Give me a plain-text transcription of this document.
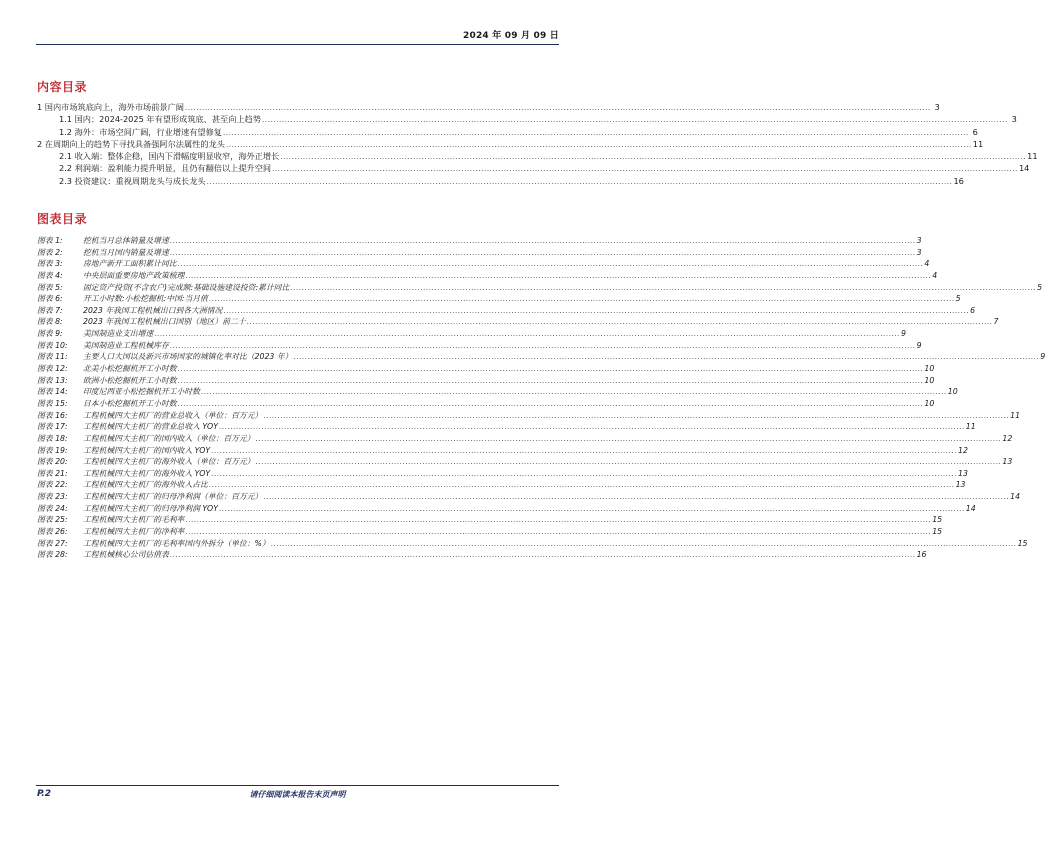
2024 年 09 月 09 日
内容目录
1 国内市场筑底向上，海外市场前景广阔 .....	3
1.1 国内：2024-2025 年有望形成筑底、甚至向上趋势 .....	3
1.2 海外：市场空间广阔，行业增速有望修复 .....	6
2 在周期向上的趋势下寻找具备强阿尔法属性的龙头 .....	11
2.1 收入端：整体企稳，国内下滑幅度明显收窄，海外正增长 .....	11
2.2 利润端：盈利能力提升明显，且仍有翻倍以上提升空间 .....	14
2.3 投资建议：重视周期龙头与成长龙头 .....	16
图表目录
图表 1:	挖机当月总体销量及增速 .....	3
图表 2:	挖机当月国内销量及增速 .....	3
图表 3:	房地产新开工面积累计同比 .....	4
图表 4:	中央层面重要房地产政策梳理 .....	4
图表 5:	固定资产投资(不含农户)完成额:基础设施建设投资:累计同比 .....	5
图表 6:	开工小时数:小松挖掘机:中国:当月值 .....	5
图表 7:	2023 年我国工程机械出口到各大洲情况 .....	6
图表 8:	2023 年我国工程机械出口国别（地区）前二十 .....	7
图表 9:	美国制造业支出增速 .....	9
图表 10:	美国制造业工程机械库存 .....	9
图表 11:	主要人口大国以及新兴市场国家的城镇化率对比（2023 年） .....	9
图表 12:	北美小松挖掘机开工小时数 .....	10
图表 13:	欧洲小松挖掘机开工小时数 .....	10
图表 14:	印度尼西亚小松挖掘机开工小时数 .....	10
图表 15:	日本小松挖掘机开工小时数 .....	10
图表 16:	工程机械四大主机厂的营业总收入（单位：百万元） .....	11
图表 17:	工程机械四大主机厂的营业总收入 YOY .....	11
图表 18:	工程机械四大主机厂的国内收入（单位：百万元） .....	12
图表 19:	工程机械四大主机厂的国内收入 YOY .....	12
图表 20:	工程机械四大主机厂的海外收入（单位：百万元） .....	13
图表 21:	工程机械四大主机厂的海外收入 YOY .....	13
图表 22:	工程机械四大主机厂的海外收入占比 .....	13
图表 23:	工程机械四大主机厂的归母净利润（单位：百万元） .....	14
图表 24:	工程机械四大主机厂的归母净利润 YOY .....	14
图表 25:	工程机械四大主机厂的毛利率 .....	15
图表 26:	工程机械四大主机厂的净利率 .....	15
图表 27:	工程机械四大主机厂的毛利率国内外拆分（单位：%） .....	15
图表 28:	工程机械核心公司估值表 .....	16
P.2	请仔细阅读本报告末页声明
